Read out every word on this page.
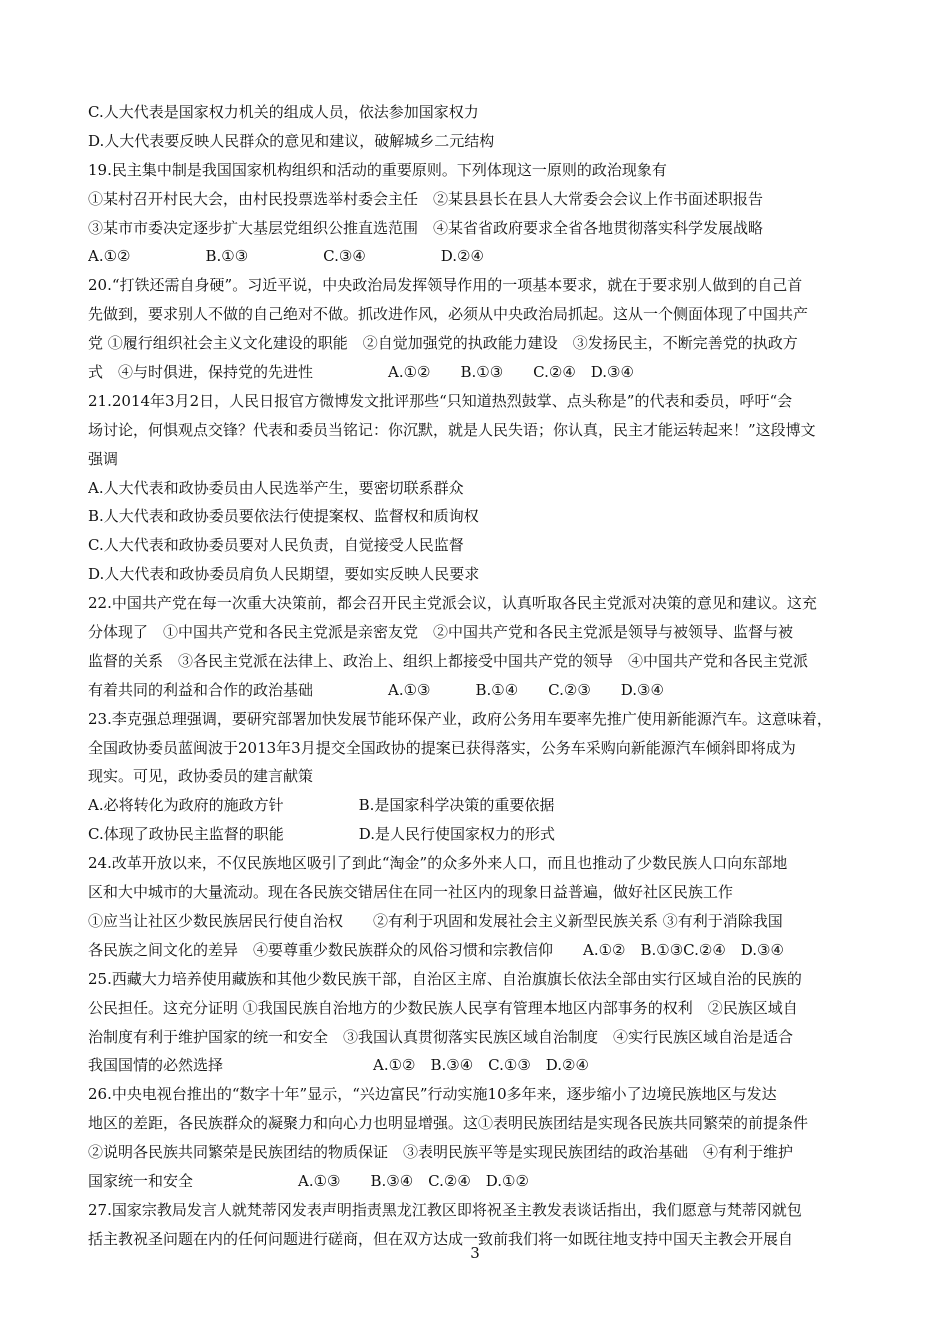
C.人大代表是国家权力机关的组成人员，依法参加国家权力
D.人大代表要反映人民群众的意见和建议，破解城乡二元结构
19.民主集中制是我国国家机构组织和活动的重要原则。下列体现这一原则的政治现象有
①某村召开村民大会，由村民投票选举村委会主任　②某县县长在县人大常委会会议上作书面述职报告
③某市市委决定逐步扩大基层党组织公推直选范围　④某省省政府要求全省各地贯彻落实科学发展战略
A.①②　　　　　B.①③　　　　　C.③④　　　　　D.②④
20.“打铁还需自身硬”。习近平说，中央政治局发挥领导作用的一项基本要求，就在于要求别人做到的自己首
先做到，要求别人不做的自己绝对不做。抓改进作风，必须从中央政治局抓起。这从一个侧面体现了中国共产
党 ①履行组织社会主义文化建设的职能　②自觉加强党的执政能力建设　③发扬民主，不断完善党的执政方
式　④与时俱进，保持党的先进性　　　　　A.①②　　B.①③　　C.②④　D.③④
21.2014年3月2日，人民日报官方微博发文批评那些“只知道热烈鼓掌、点头称是”的代表和委员，呼吁“会
场讨论，何惧观点交锋？代表和委员当铭记：你沉默，就是人民失语；你认真，民主才能运转起来！”这段博文
强调
A.人大代表和政协委员由人民选举产生，要密切联系群众
B.人大代表和政协委员要依法行使提案权、监督权和质询权
C.人大代表和政协委员要对人民负责，自觉接受人民监督
D.人大代表和政协委员肩负人民期望，要如实反映人民要求
22.中国共产党在每一次重大决策前，都会召开民主党派会议，认真听取各民主党派对决策的意见和建议。这充
分体现了　①中国共产党和各民主党派是亲密友党　②中国共产党和各民主党派是领导与被领导、监督与被
监督的关系　③各民主党派在法律上、政治上、组织上都接受中国共产党的领导　④中国共产党和各民主党派
有着共同的利益和合作的政治基础　　　　　A.①③　　　B.①④　　C.②③　　D.③④
23.李克强总理强调，要研究部署加快发展节能环保产业，政府公务用车要率先推广使用新能源汽车。这意味着，
全国政协委员蓝闽波于2013年3月提交全国政协的提案已获得落实，公务车采购向新能源汽车倾斜即将成为
现实。可见，政协委员的建言献策
A.必将转化为政府的施政方针　　　　　B.是国家科学决策的重要依据
C.体现了政协民主监督的职能　　　　　D.是人民行使国家权力的形式
24.改革开放以来，不仅民族地区吸引了到此“淘金”的众多外来人口，而且也推动了少数民族人口向东部地
区和大中城市的大量流动。现在各民族交错居住在同一社区内的现象日益普遍，做好社区民族工作
①应当让社区少数民族居民行使自治权　　②有利于巩固和发展社会主义新型民族关系 ③有利于消除我国
各民族之间文化的差异　④要尊重少数民族群众的风俗习惯和宗教信仰　　A.①②　B.①③C.②④　D.③④
25.西藏大力培养使用藏族和其他少数民族干部，自治区主席、自治旗旗长依法全部由实行区域自治的民族的
公民担任。这充分证明 ①我国民族自治地方的少数民族人民享有管理本地区内部事务的权利　②民族区域自
治制度有利于维护国家的统一和安全　③我国认真贯彻落实民族区域自治制度　④实行民族区域自治是适合
我国国情的必然选择　　　　　　　　　　A.①②　B.③④　C.①③　D.②④
26.中央电视台推出的“数字十年”显示，“兴边富民”行动实施10多年来，逐步缩小了边境民族地区与发达
地区的差距，各民族群众的凝聚力和向心力也明显增强。这①表明民族团结是实现各民族共同繁荣的前提条件
②说明各民族共同繁荣是民族团结的物质保证　③表明民族平等是实现民族团结的政治基础　④有利于维护
国家统一和安全　　　　　　　A.①③　　B.③④　C.②④　D.①②
27.国家宗教局发言人就梵蒂冈发表声明指责黑龙江教区即将祝圣主教发表谈话指出，我们愿意与梵蒂冈就包
括主教祝圣问题在内的任何问题进行磋商，但在双方达成一致前我们将一如既往地支持中国天主教会开展自
3
